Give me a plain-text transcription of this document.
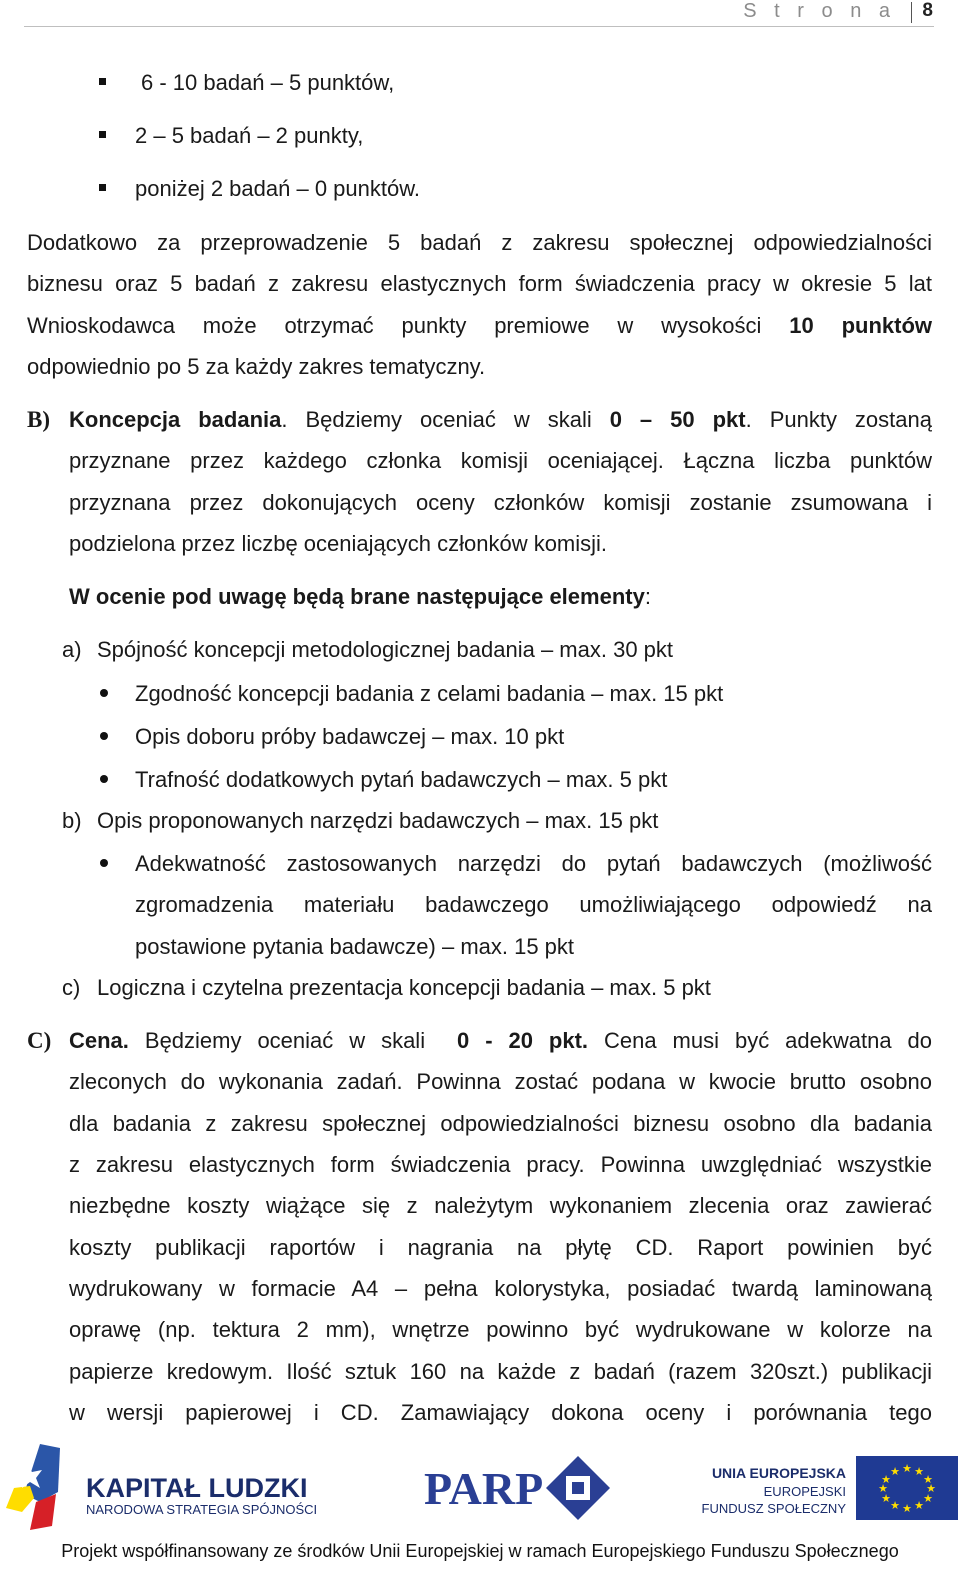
S t r o n a 8
6 - 10 badań – 5 punktów,
2 – 5 badań – 2 punkty,
poniżej 2 badań – 0 punktów.
Dodatkowo za przeprowadzenie 5 badań z zakresu społecznej odpowiedzialności
biznesu oraz 5 badań z zakresu elastycznych form świadczenia pracy w okresie 5 lat
Wnioskodawca może otrzymać punkty premiowe w wysokości 10 punktów
odpowiednio po 5 za każdy zakres tematyczny.
B) Koncepcja badania. Będziemy oceniać w skali 0 – 50 pkt. Punkty zostaną
przyznane przez każdego członka komisji oceniającej. Łączna liczba punktów
przyznana przez dokonujących oceny członków komisji zostanie zsumowana i
podzielona przez liczbę oceniających członków komisji.
W ocenie pod uwagę będą brane następujące elementy:
a) Spójność koncepcji metodologicznej badania – max. 30 pkt
Zgodność koncepcji badania z celami badania – max. 15 pkt
Opis doboru próby badawczej – max. 10 pkt
Trafność dodatkowych pytań badawczych – max. 5 pkt
b) Opis proponowanych narzędzi badawczych – max. 15 pkt
Adekwatność zastosowanych narzędzi do pytań badawczych (możliwość
zgromadzenia materiału badawczego umożliwiającego odpowiedź na
postawione pytania badawcze) – max. 15 pkt
c) Logiczna i czytelna prezentacja koncepcji badania – max. 5 pkt
C) Cena. Będziemy oceniać w skali 0 - 20 pkt. Cena musi być adekwatna do
zleconych do wykonania zadań. Powinna zostać podana w kwocie brutto osobno
dla badania z zakresu społecznej odpowiedzialności biznesu osobno dla badania
z zakresu elastycznych form świadczenia pracy. Powinna uwzględniać wszystkie
niezbędne koszty wiążące się z należytym wykonaniem zlecenia oraz zawierać
koszty publikacji raportów i nagrania na płytę CD. Raport powinien być
wydrukowany w formacie A4 – pełna kolorystyka, posiadać twardą laminowaną
oprawę (np. tektura 2 mm), wnętrze powinno być wydrukowane w kolorze na
papierze kredowym. Ilość sztuk 160 na każde z badań (razem 320szt.) publikacji
w wersji papierowej i CD. Zamawiający dokona oceny i porównania tego
KAPITAŁ LUDZKI
NARODOWA STRATEGIA SPÓJNOŚCI PARP	UNIA EUROPEJSKA
EUROPEJSKI
FUNDUSZ SPOŁECZNY
★ ★
★
★
★
★
★
★
★
★
★
★
Projekt współfinansowany ze środków Unii Europejskiej w ramach Europejskiego Funduszu Społecznego
